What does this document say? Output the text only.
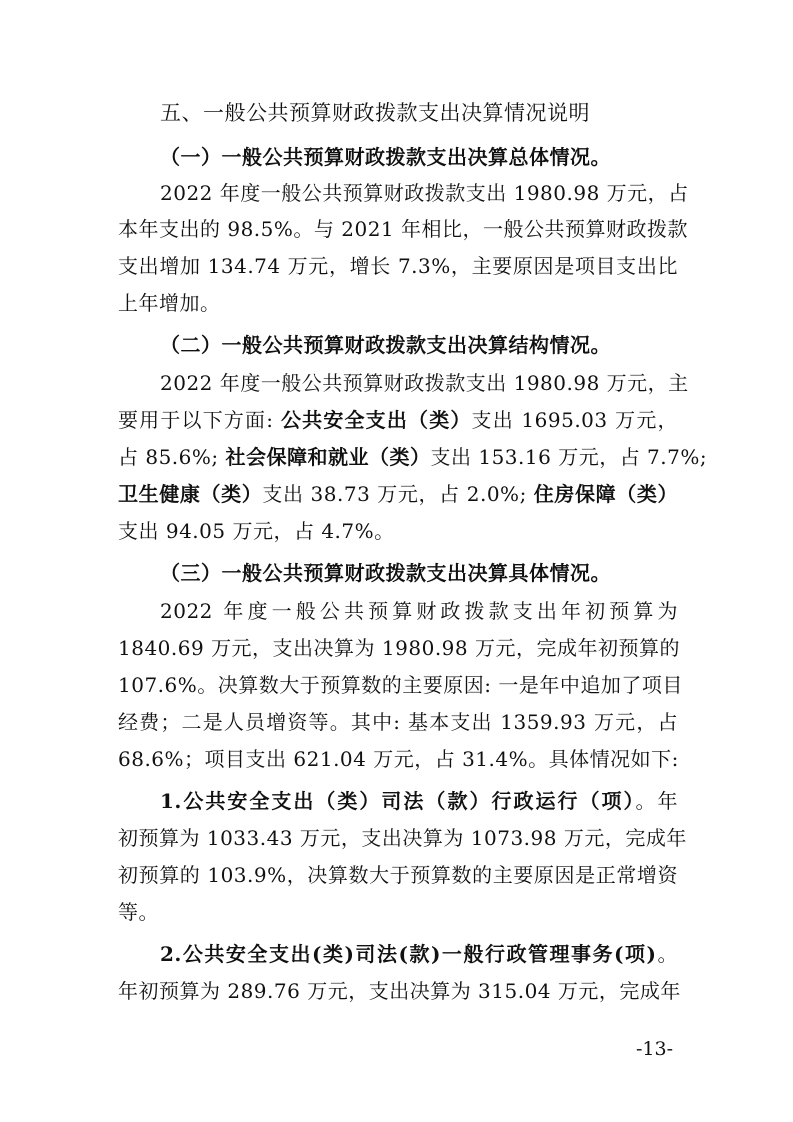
五、一般公共预算财政拨款支出决算情况说明
（一）一般公共预算财政拨款支出决算总体情况。
2022 年度一般公共预算财政拨款支出 1980.98 万元，占
本年支出的 98.5%。与 2021 年相比，一般公共预算财政拨款
支出增加 134.74 万元，增长 7.3%，主要原因是项目支出比
上年增加。
（二）一般公共预算财政拨款支出决算结构情况。
2022 年度一般公共预算财政拨款支出 1980.98 万元，主
要用于以下方面: 公共安全支出（类）支出 1695.03 万元，
占 85.6%; 社会保障和就业（类）支出 153.16 万元，占 7.7%;
卫生健康（类）支出 38.73 万元，占 2.0%; 住房保障（类）
支出 94.05 万元，占 4.7%。
（三）一般公共预算财政拨款支出决算具体情况。
2022 年度一般公共预算财政拨款支出年初预算为
1840.69 万元，支出决算为 1980.98 万元，完成年初预算的
107.6%。决算数大于预算数的主要原因: 一是年中追加了项目
经费；二是人员增资等。其中: 基本支出 1359.93 万元，占
68.6%；项目支出 621.04 万元，占 31.4%。具体情况如下:
1.公共安全支出（类）司法（款）行政运行（项）。年
初预算为 1033.43 万元，支出决算为 1073.98 万元，完成年
初预算的 103.9%，决算数大于预算数的主要原因是正常增资
等。
2.公共安全支出(类)司法(款)一般行政管理事务(项)。
年初预算为 289.76 万元，支出决算为 315.04 万元，完成年
-13-
